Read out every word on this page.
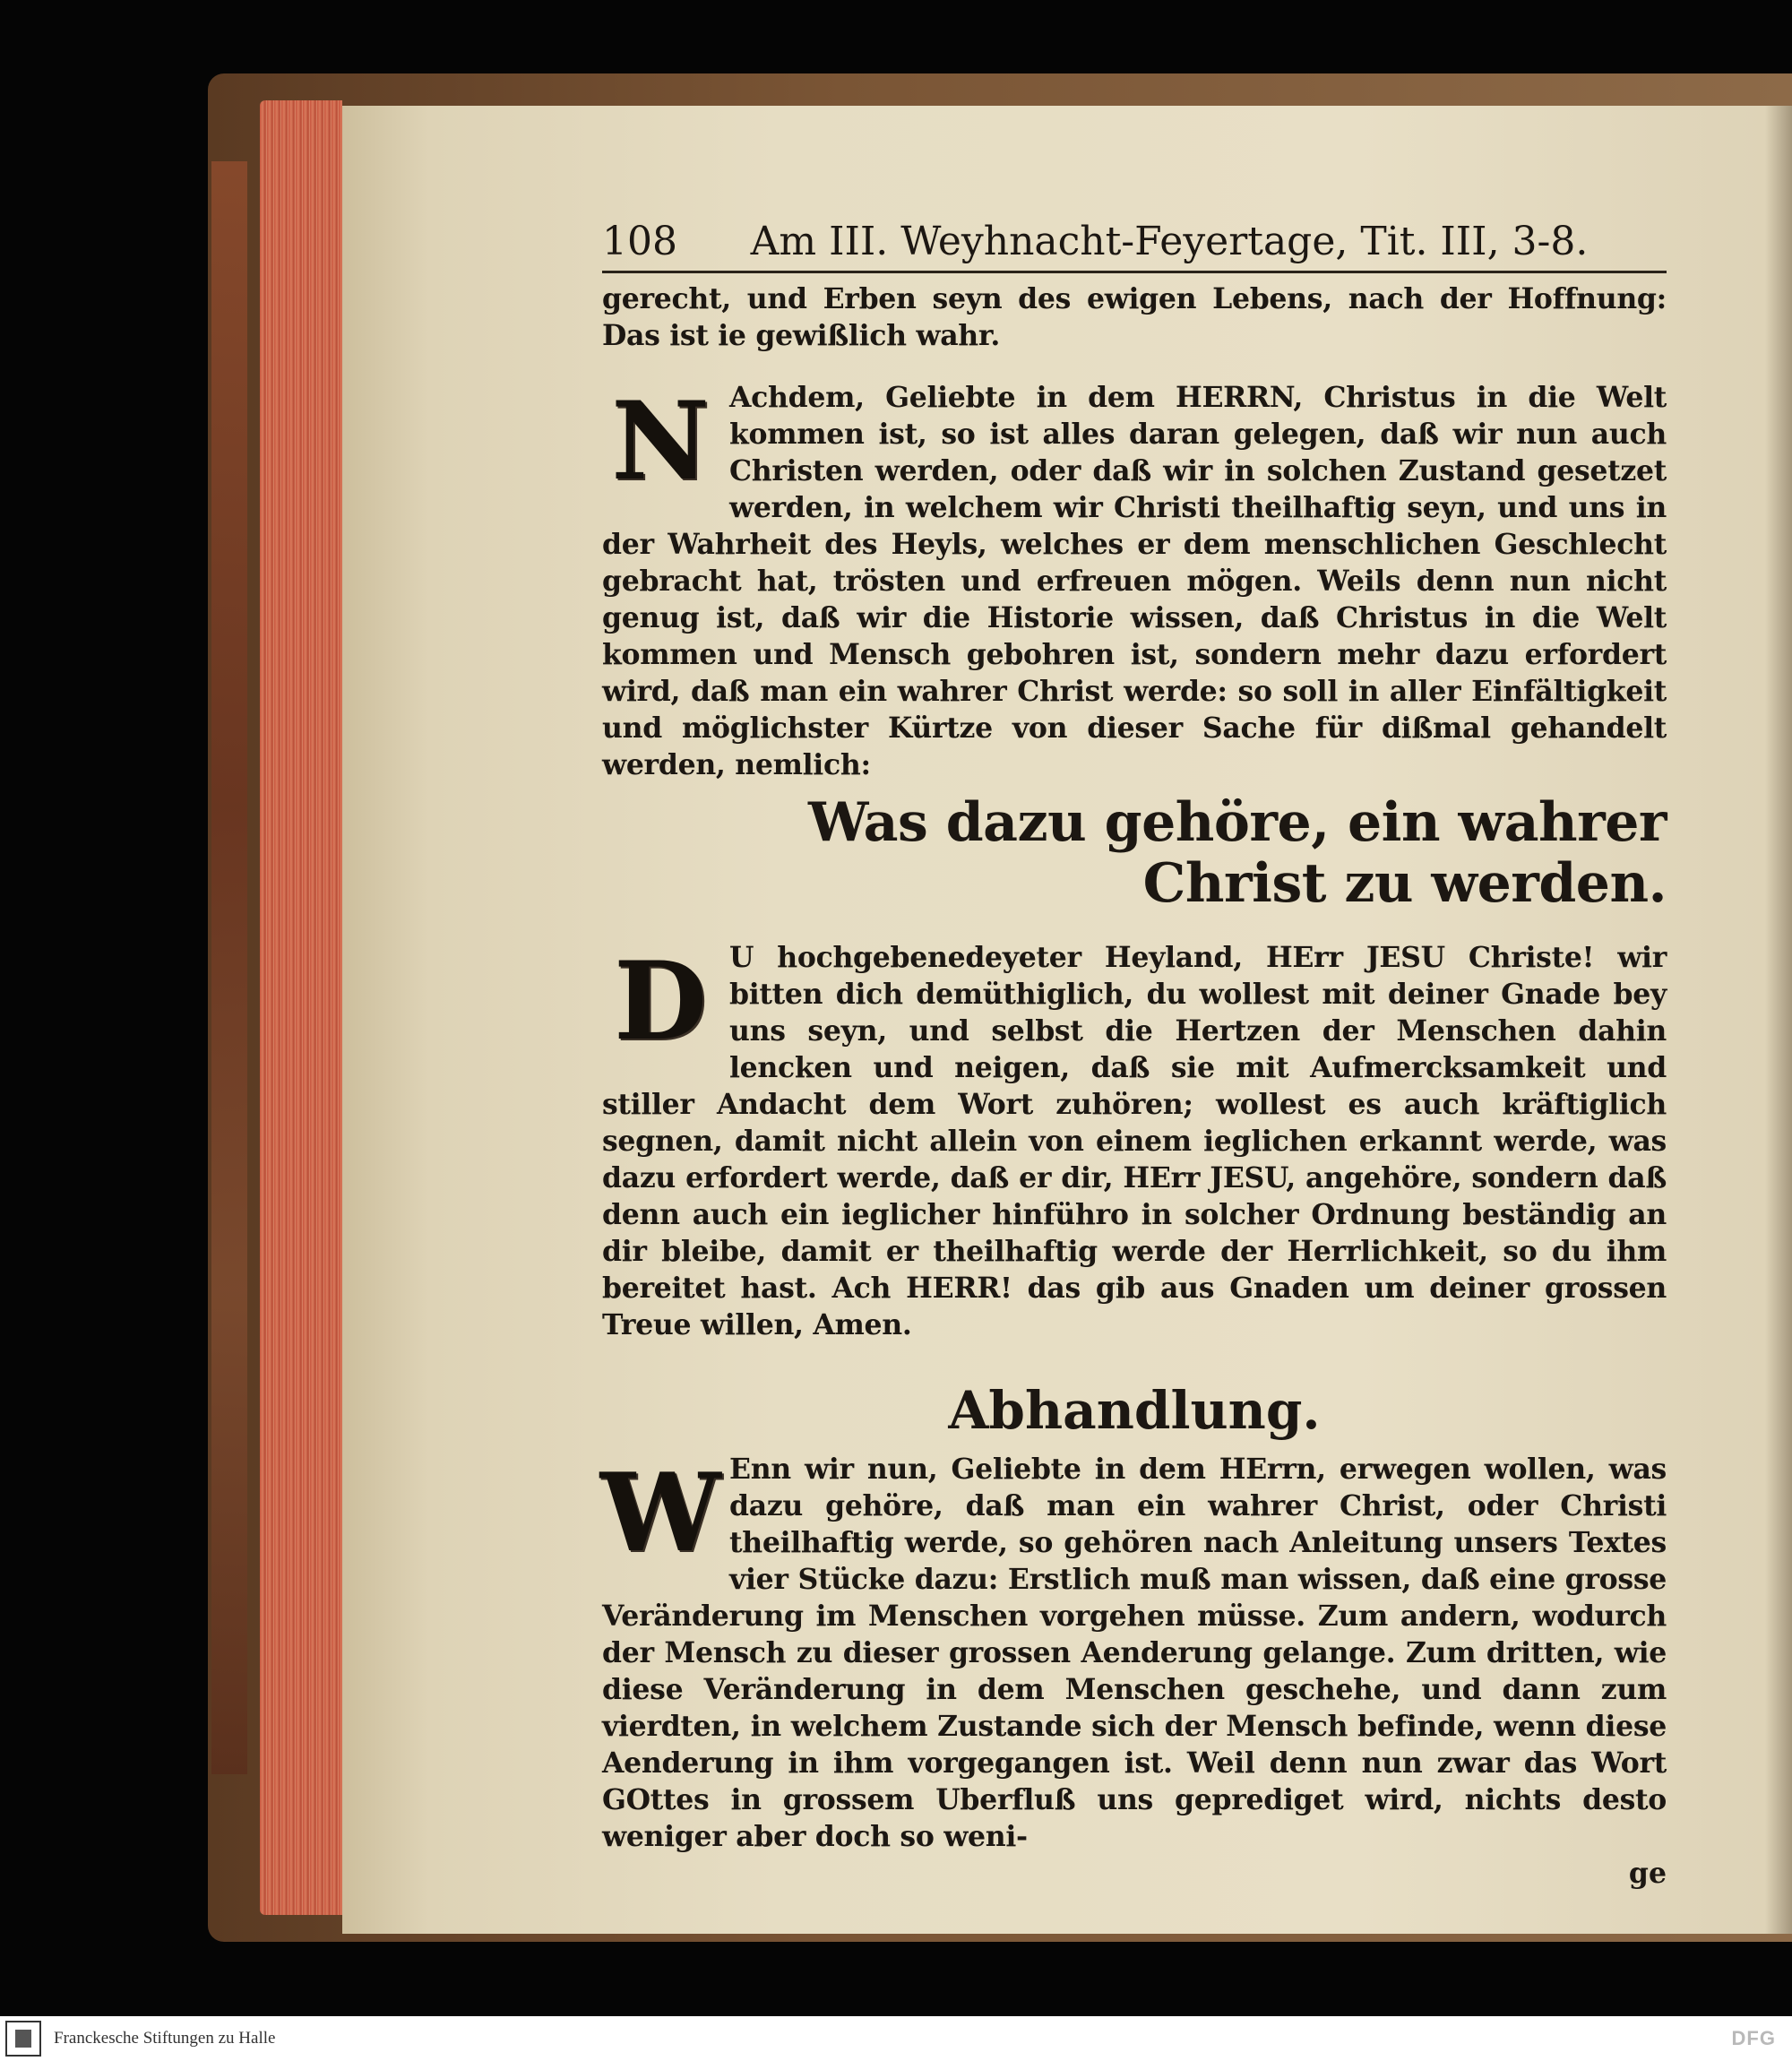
108	Am III. Weyhnacht-Feyertage, Tit. III, 3-8.

gerecht, und Erben seyn des ewigen Lebens, nach der Hoffnung: Das ist ie gewißlich wahr.

N Achdem, Geliebte in dem HERRN, Christus in die Welt kommen ist, so ist alles daran gelegen, daß wir nun auch Christen werden, oder daß wir in solchen Zustand gesetzet werden, in welchem wir Christi theilhaftig seyn, und uns in der Wahrheit des Heyls, welches er dem menschlichen Geschlecht gebracht hat, trösten und erfreuen mögen. Weils denn nun nicht genug ist, daß wir die Historie wissen, daß Christus in die Welt kommen und Mensch gebohren ist, sondern mehr dazu erfordert wird, daß man ein wahrer Christ werde: so soll in aller Einfältigkeit und möglichster Kürtze von dieser Sache für dißmal gehandelt werden, nemlich:
Was dazu gehöre, ein wahrer Christ zu werden.
D U hochgebenedeyeter Heyland, HErr JESU Christe! wir bitten dich demüthiglich, du wollest mit deiner Gnade bey uns seyn, und selbst die Hertzen der Menschen dahin lencken und neigen, daß sie mit Aufmercksamkeit und stiller Andacht dem Wort zuhören; wollest es auch kräftiglich segnen, damit nicht allein von einem ieglichen erkannt werde, was dazu erfordert werde, daß er dir, HErr JESU, angehöre, sondern daß denn auch ein ieglicher hinführo in solcher Ordnung beständig an dir bleibe, damit er theilhaftig werde der Herrlichkeit, so du ihm bereitet hast. Ach HERR! das gib aus Gnaden um deiner grossen Treue willen, Amen.
Abhandlung.
W Enn wir nun, Geliebte in dem HErrn, erwegen wollen, was dazu gehöre, daß man ein wahrer Christ, oder Christi theilhaftig werde, so gehören nach Anleitung unsers Textes vier Stücke dazu: Erstlich muß man wissen, daß eine grosse Veränderung im Menschen vorgehen müsse. Zum andern, wodurch der Mensch zu dieser grossen Aenderung gelange. Zum dritten, wie diese Veränderung in dem Menschen geschehe, und dann zum vierdten, in welchem Zustande sich der Mensch befinde, wenn diese Aenderung in ihm vorgegangen ist. Weil denn nun zwar das Wort GOttes in grossem Uberfluß uns geprediget wird, nichts desto weniger aber doch so weni-
ge
Franckesche Stiftungen zu Halle	DFG
